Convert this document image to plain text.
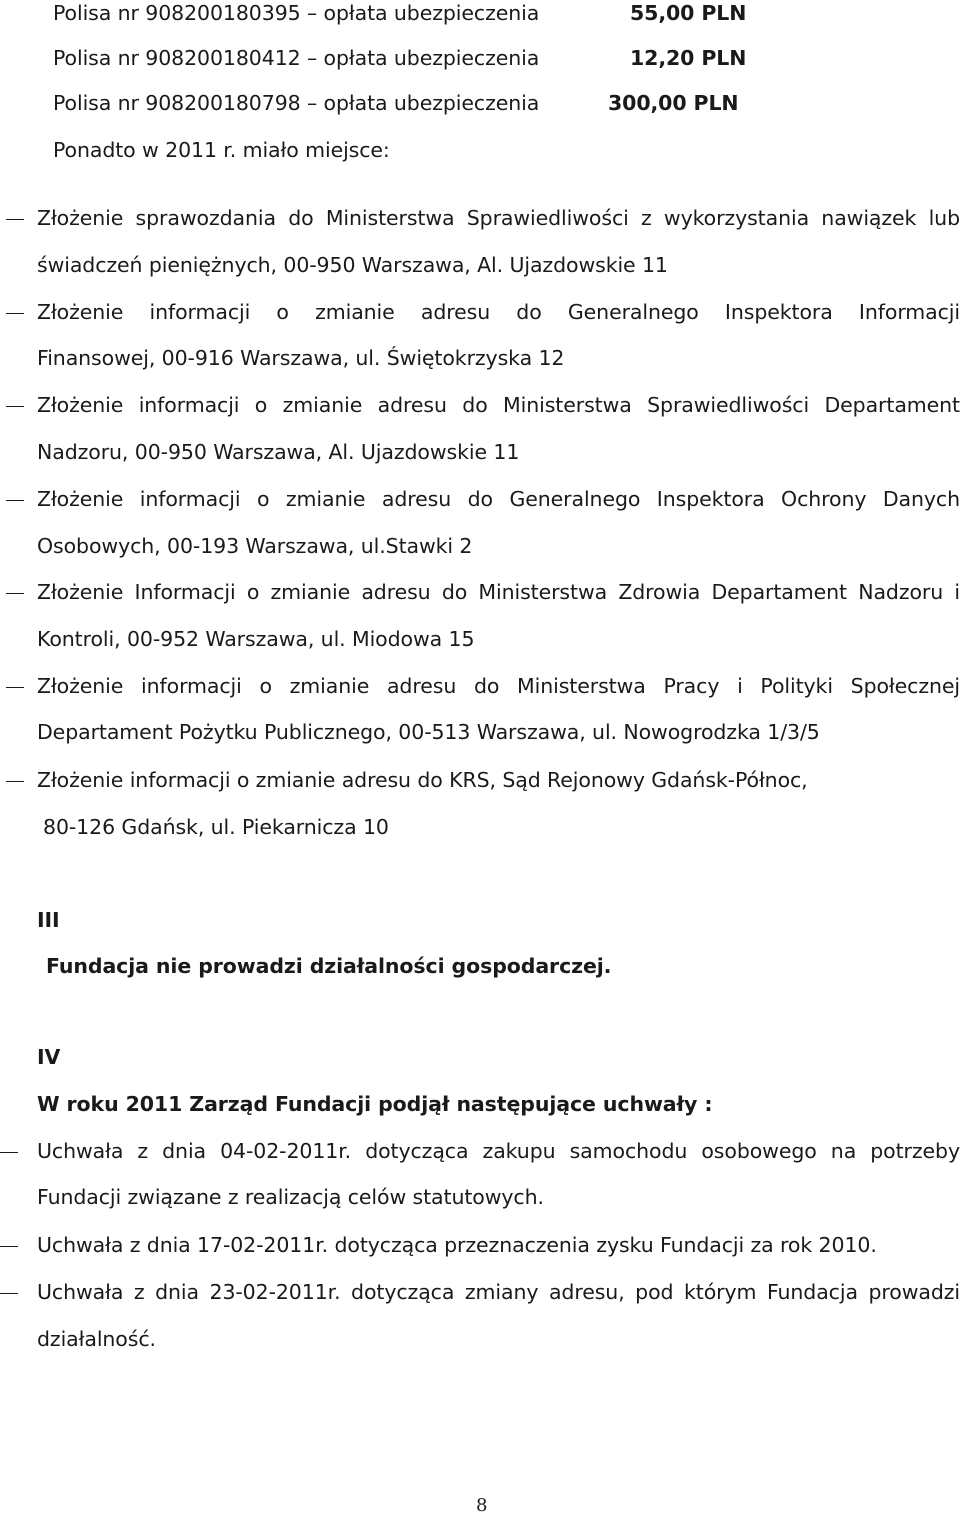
Polisa nr 908200180395 – opłata ubezpieczenia	55,00 PLN
Polisa nr 908200180412 – opłata ubezpieczenia	12,20 PLN
Polisa nr 908200180798 – opłata ubezpieczenia	300,00 PLN
Ponadto w 2011 r. miało miejsce:
Złożenie sprawozdania do Ministerstwa Sprawiedliwości z wykorzystania nawiązek lub
świadczeń pieniężnych, 00-950 Warszawa, Al. Ujazdowskie 11
Złożenie informacji o zmianie adresu do Generalnego Inspektora Informacji
Finansowej, 00-916 Warszawa, ul. Świętokrzyska 12
Złożenie informacji o zmianie adresu do Ministerstwa Sprawiedliwości Departament
Nadzoru, 00-950 Warszawa, Al. Ujazdowskie 11
Złożenie informacji o zmianie adresu do Generalnego Inspektora Ochrony Danych
Osobowych, 00-193 Warszawa, ul.Stawki 2
Złożenie Informacji o zmianie adresu do Ministerstwa Zdrowia Departament Nadzoru i
Kontroli, 00-952 Warszawa, ul. Miodowa 15
Złożenie informacji o zmianie adresu do Ministerstwa Pracy i Polityki Społecznej
Departament Pożytku Publicznego, 00-513 Warszawa, ul. Nowogrodzka 1/3/5
Złożenie informacji o zmianie adresu do KRS, Sąd Rejonowy Gdańsk-Północ,
80-126 Gdańsk, ul. Piekarnicza 10
III
Fundacja nie prowadzi działalności gospodarczej.
IV
W roku 2011 Zarząd Fundacji podjął następujące uchwały :
Uchwała z dnia 04-02-2011r. dotycząca zakupu samochodu osobowego na potrzeby
Fundacji związane z realizacją celów statutowych.
Uchwała z dnia 17-02-2011r. dotycząca przeznaczenia zysku Fundacji za rok 2010.
Uchwała z dnia 23-02-2011r. dotycząca zmiany adresu, pod którym Fundacja prowadzi
działalność.
8
